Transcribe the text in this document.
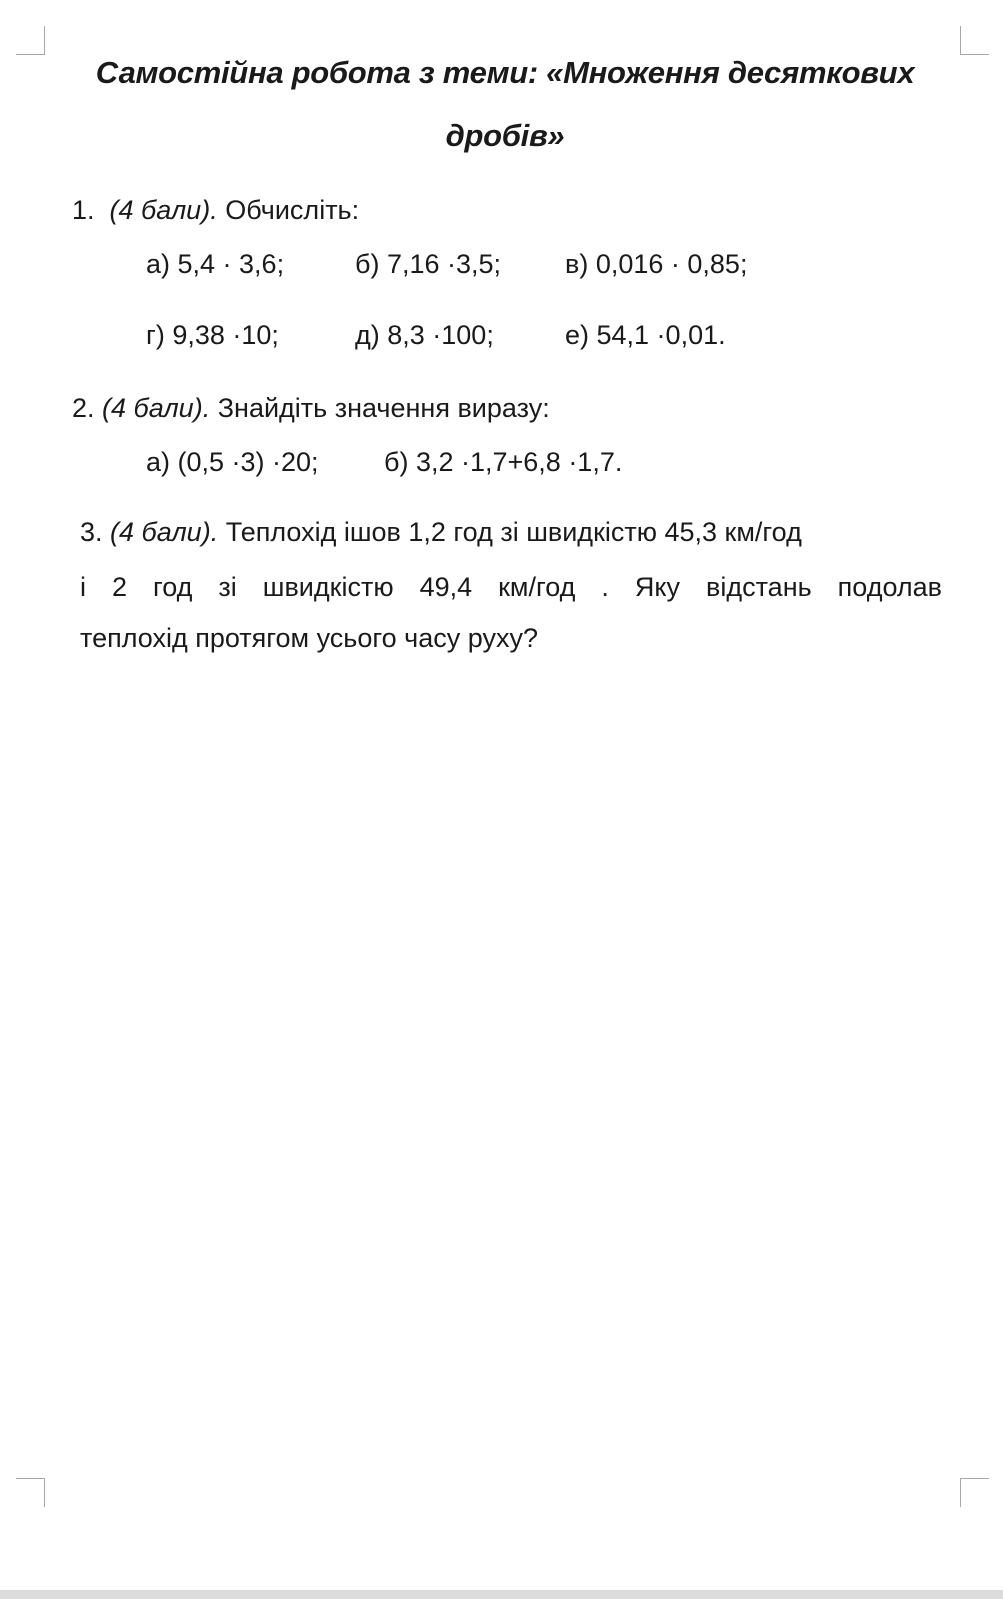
Самостійна робота з теми: «Множення десяткових
дробів»
1. (4 бали). Обчисліть:
а) 5,4 · 3,6;	б) 7,16 ·3,5; в) 0,016 · 0,85;
г) 9,38 ·10;	д) 8,3 ·100;	е) 54,1 ·0,01.
2. (4 бали). Знайдіть значення виразу:
а) (0,5 ·3) ·20; б) 3,2 ·1,7+6,8 ·1,7.
3. (4 бали). Теплохід ішов 1,2 год зі швидкістю 45,3 км/год
і 2 год зі швидкістю 49,4 км/год . Яку відстань подолав
теплохід протягом усього часу руху?
